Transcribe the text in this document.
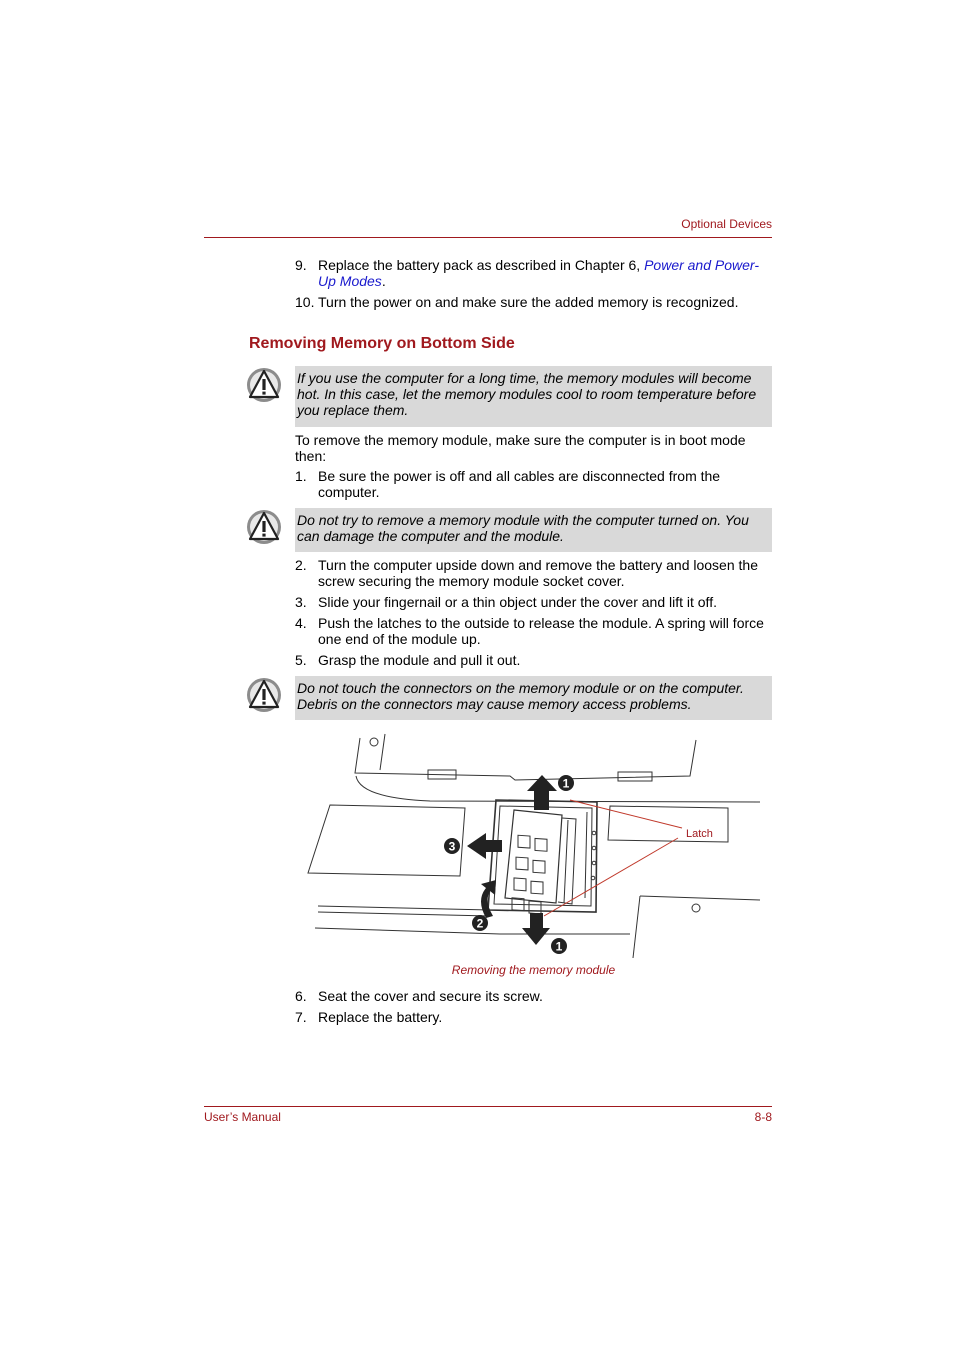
Optional Devices
9. Replace the battery pack as described in Chapter 6, Power and Power-Up Modes.
10. Turn the power on and make sure the added memory is recognized.
Removing Memory on Bottom Side
If you use the computer for a long time, the memory modules will become hot. In this case, let the memory modules cool to room temperature before you replace them.
To remove the memory module, make sure the computer is in boot mode then:
1. Be sure the power is off and all cables are disconnected from the computer.
Do not try to remove a memory module with the computer turned on. You can damage the computer and the module.
2. Turn the computer upside down and remove the battery and loosen the screw securing the memory module socket cover.
3. Slide your fingernail or a thin object under the cover and lift it off.
4. Push the latches to the outside to release the module. A spring will force one end of the module up.
5. Grasp the module and pull it out.
Do not touch the connectors on the memory module or on the computer. Debris on the connectors may cause memory access problems.
1
2
3
1
Latch
Removing the memory module
6. Seat the cover and secure its screw.
7. Replace the battery.
User’s Manual	8-8
